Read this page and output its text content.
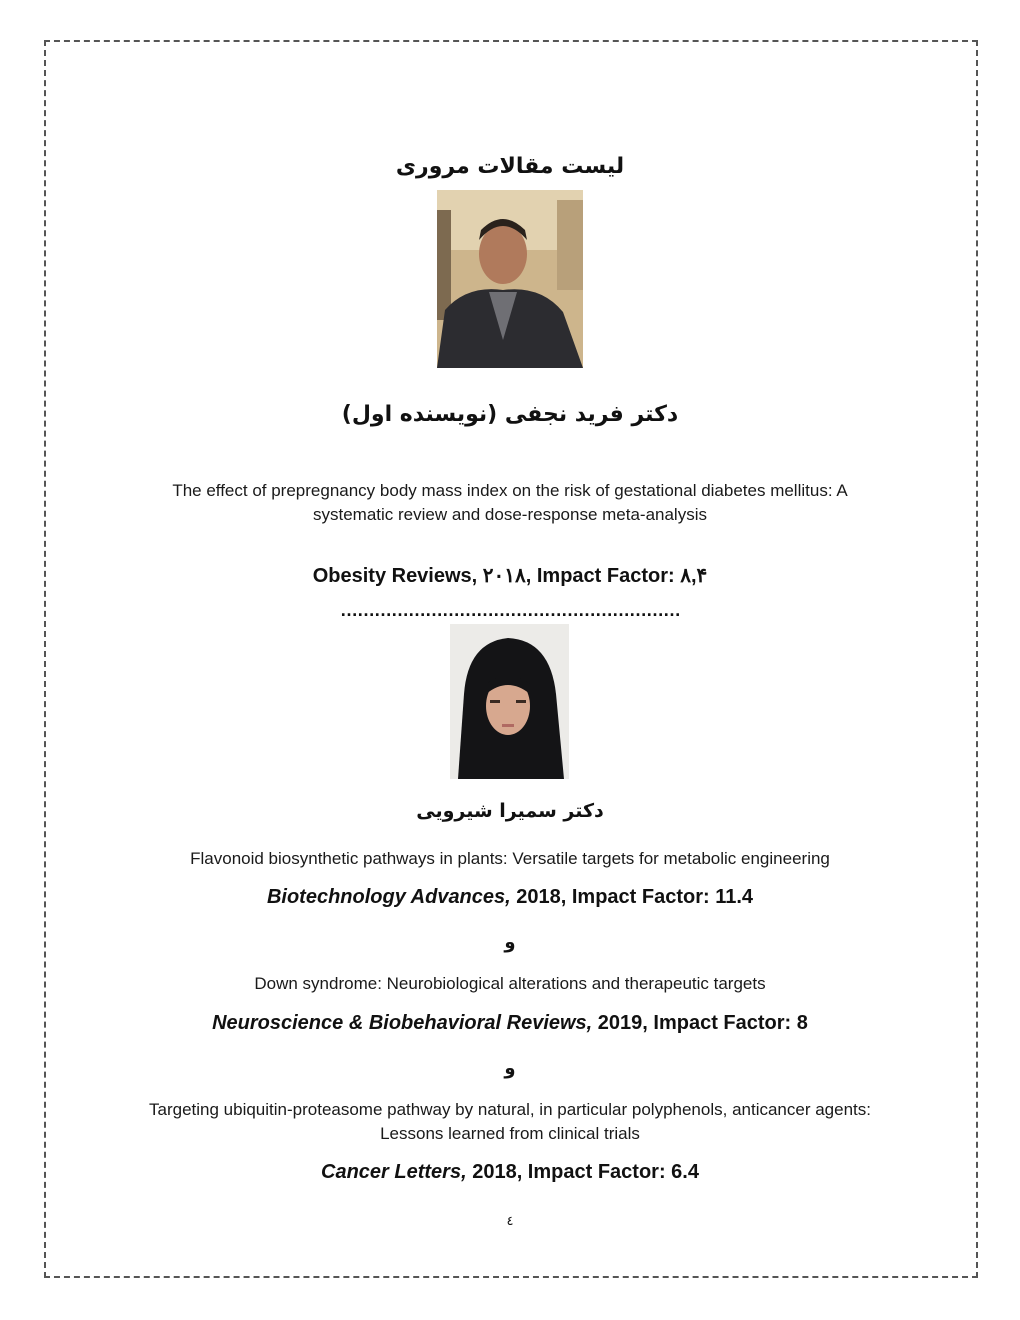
لیست مقالات مروری
دکتر فرید نجفی (نویسنده اول)
The effect of prepregnancy body mass index on the risk of gestational diabetes mellitus: A systematic review and dose-response meta-analysis
Obesity Reviews, ۲۰۱۸, Impact Factor: ۸,۴
……………………………………………………
دکتر سمیرا شیرویی
Flavonoid biosynthetic pathways in plants: Versatile targets for metabolic engineering
Biotechnology Advances, 2018, Impact Factor: 11.4
و
Down syndrome: Neurobiological alterations and therapeutic targets
Neuroscience & Biobehavioral Reviews, 2019, Impact Factor: 8
و
Targeting ubiquitin-proteasome pathway by natural, in particular polyphenols, anticancer agents: Lessons learned from clinical trials
Cancer Letters, 2018, Impact Factor: 6.4
٤
